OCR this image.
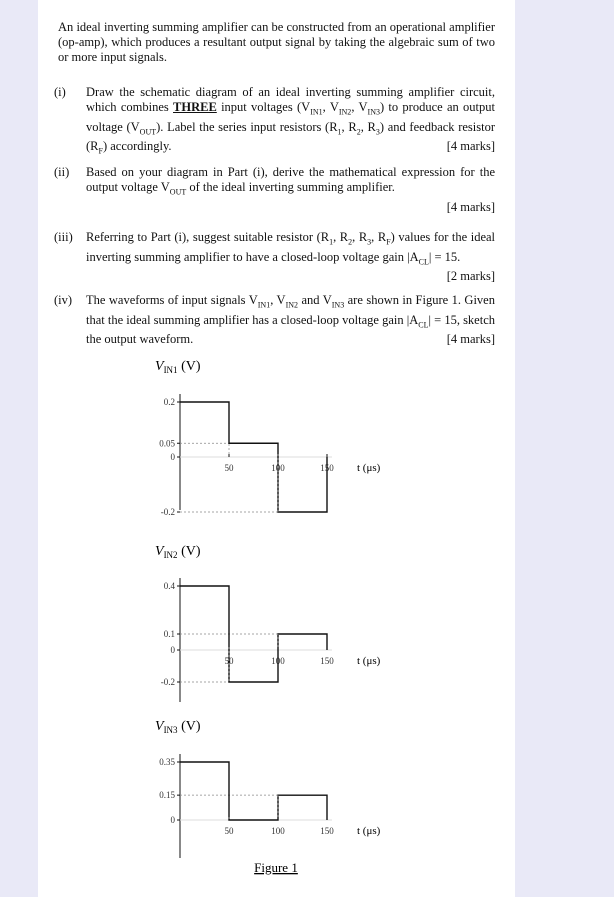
An ideal inverting summing amplifier can be constructed from an operational amplifier (op-amp), which produces a resultant output signal by taking the algebraic sum of two or more input signals.
(i) Draw the schematic diagram of an ideal inverting summing amplifier circuit, which combines THREE input voltages ($V_{IN1}$, $V_{IN2}$, $V_{IN3}$) to produce an output voltage $(V_{OUT})$. Label the series input resistors ($R_1$, $R_2$, $R_3$) and feedback resistor $(R_F)$ accordingly.	[4 marks]
(ii) Based on your diagram in Part (i), derive the mathematical expression for the output voltage $V_{OUT}$ of the ideal inverting summing amplifier.
[4 marks]
(iii) Referring to Part (i), suggest suitable resistor ($R_1$, $R_2$, $R_3$, $R_F$) values for the ideal inverting summing amplifier to have a closed-loop voltage gain $|A_{CL}| = 15$.
[2 marks]
(iv) The waveforms of input signals $V_{IN1}$, $V_{IN2}$ and $V_{IN3}$ are shown in Figure 1. Given that the ideal summing amplifier has a closed-loop voltage gain $|A_{CL}| = 15$, sketch the output waveform.	[4 marks]
$V_{IN1}$ (V)
0.2
0.05
0
-0.2
50	100	150 t (μs)
$V_{IN2}$ (V)
0.4
0.1
0
-0.2
50	100	150 t (μs)
$V_{IN3}$ (V)
0.35
0.15
0
50	100	150 t (μs)
Figure 1
